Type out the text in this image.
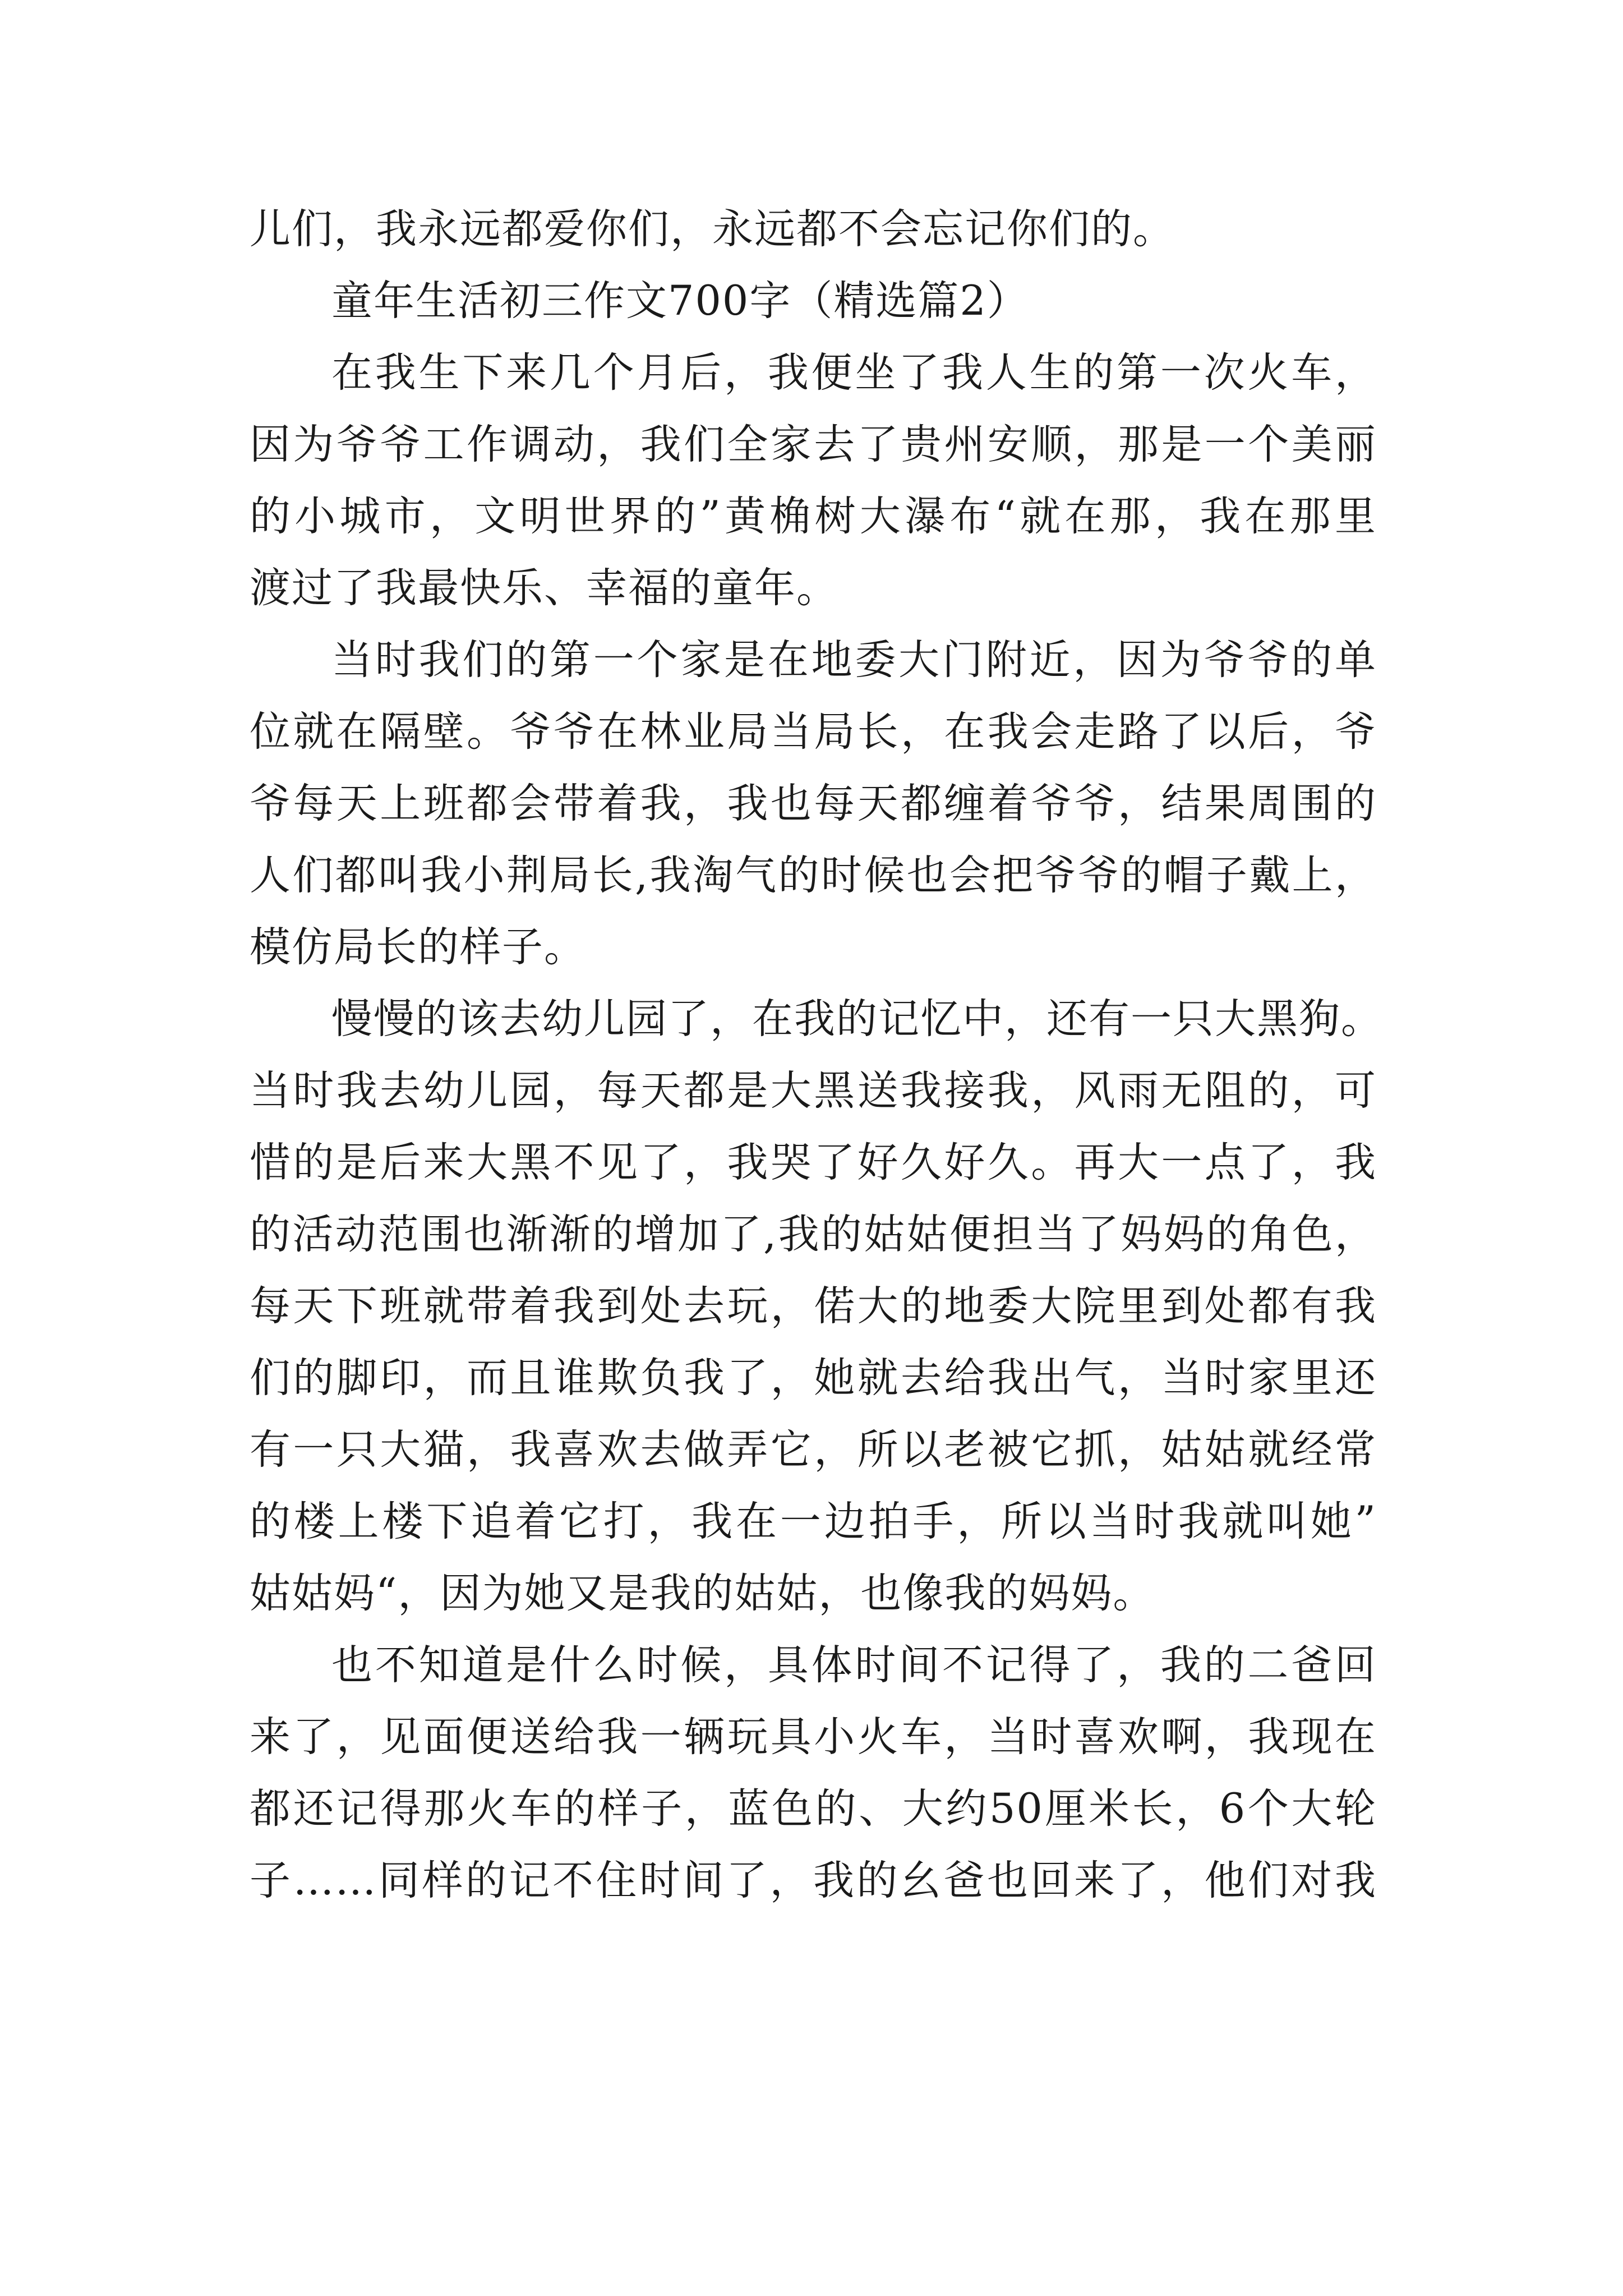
儿们，我永远都爱你们，永远都不会忘记你们的。
童年生活初三作文700字（精选篇2）
在我生下来几个月后，我便坐了我人生的第一次火车，
因为爷爷工作调动，我们全家去了贵州安顺，那是一个美丽
的小城市，文明世界的”黄桷树大瀑布“就在那，我在那里
渡过了我最快乐、幸福的童年。
当时我们的第一个家是在地委大门附近，因为爷爷的单
位就在隔壁。爷爷在林业局当局长，在我会走路了以后，爷
爷每天上班都会带着我，我也每天都缠着爷爷，结果周围的
人们都叫我小荆局长,我淘气的时候也会把爷爷的帽子戴上，
模仿局长的样子。
慢慢的该去幼儿园了，在我的记忆中，还有一只大黑狗。
当时我去幼儿园，每天都是大黑送我接我，风雨无阻的，可
惜的是后来大黑不见了，我哭了好久好久。再大一点了，我
的活动范围也渐渐的增加了,我的姑姑便担当了妈妈的角色，
每天下班就带着我到处去玩，偌大的地委大院里到处都有我
们的脚印，而且谁欺负我了，她就去给我出气，当时家里还
有一只大猫，我喜欢去做弄它，所以老被它抓，姑姑就经常
的楼上楼下追着它打，我在一边拍手，所以当时我就叫她”
姑姑妈“，因为她又是我的姑姑，也像我的妈妈。
也不知道是什么时候，具体时间不记得了，我的二爸回
来了，见面便送给我一辆玩具小火车，当时喜欢啊，我现在
都还记得那火车的样子，蓝色的、大约50厘米长，6个大轮
子……同样的记不住时间了，我的幺爸也回来了，他们对我
